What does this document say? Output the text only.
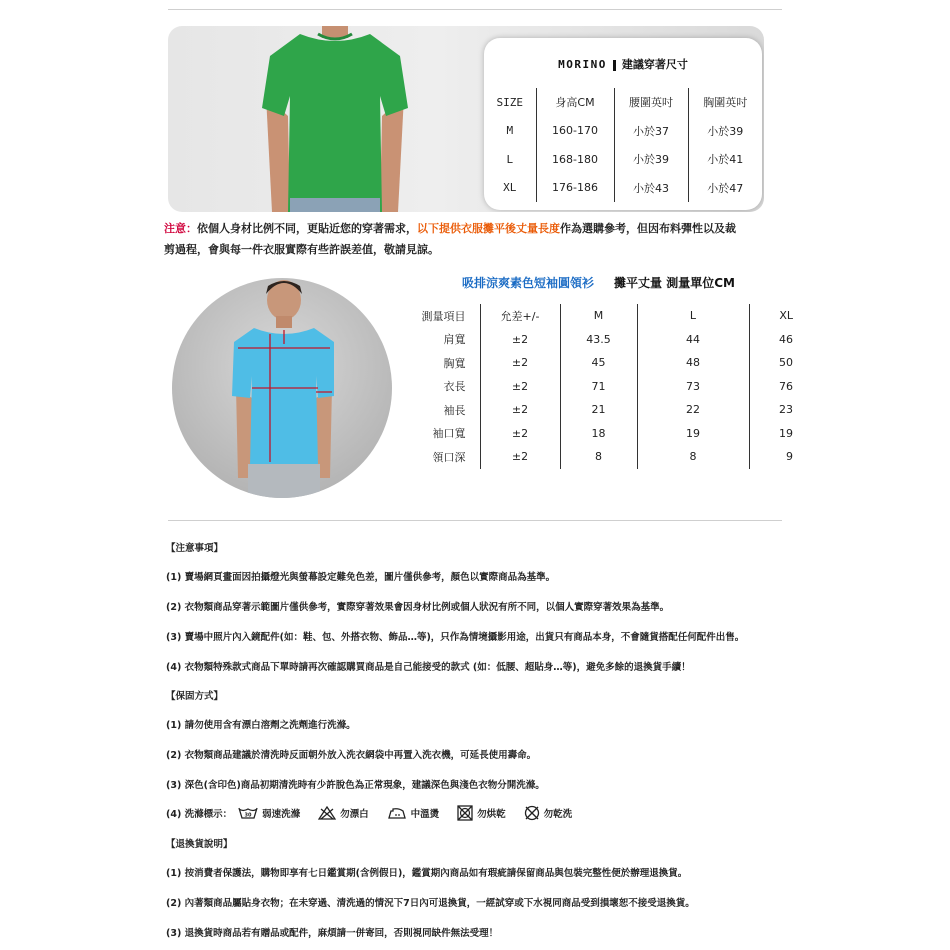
MORINO 建議穿著尺寸
SIZE	身高CM	腰圍英吋	胸圍英吋
M	160-170	小於37	小於39
L	168-180	小於39	小於41
XL	176-186	小於43	小於47
注意：依個人身材比例不同，更貼近您的穿著需求，以下提供衣服攤平後丈量長度作為選購參考，但因布料彈性以及裁
剪過程，會與每一件衣服實際有些許誤差值，敬請見諒。
吸排涼爽素色短袖圓領衫 攤平丈量 測量單位CM
測量項目	允差+/-	M	L	XL
肩寬	±2	43.5	44	46
胸寬	±2	45	48	50
衣長	±2	71	73	76
袖長	±2	21	22	23
袖口寬	±2	18	19	19
領口深	±2	8	8	9
【注意事項】
(1) 賣場網頁畫面因拍攝燈光與螢幕設定難免色差，圖片僅供參考，顏色以實際商品為基準。
(2) 衣物類商品穿著示範圖片僅供參考，實際穿著效果會因身材比例或個人狀況有所不同，以個人實際穿著效果為基準。
(3) 賣場中照片內入鏡配件(如：鞋、包、外搭衣物、飾品…等)，只作為情境攝影用途，出貨只有商品本身，不會隨貨搭配任何配件出售。
(4) 衣物類特殊款式商品下單時請再次確認購買商品是自己能接受的款式 (如：低腰、超貼身…等)，避免多餘的退換貨手續！
【保固方式】
(1) 請勿使用含有漂白溶劑之洗劑進行洗滌。
(2) 衣物類商品建議於清洗時反面朝外放入洗衣網袋中再置入洗衣機，可延長使用壽命。
(3) 深色(含印色)商品初期清洗時有少許脫色為正常現象，建議深色與淺色衣物分開洗滌。
(4) 洗滌標示：	30 弱速洗滌	勿漂白	中溫燙	勿烘乾	勿乾洗
【退換貨說明】
(1) 按消費者保護法，購物即享有七日鑑賞期(含例假日)，鑑賞期內商品如有瑕疵請保留商品與包裝完整性便於辦理退換貨。
(2) 內著類商品屬貼身衣物；在未穿過、清洗過的情況下7日內可退換貨，一經試穿或下水視同商品受到損壞恕不接受退換貨。
(3) 退換貨時商品若有贈品或配件，麻煩請一併寄回，否則視同缺件無法受理！
